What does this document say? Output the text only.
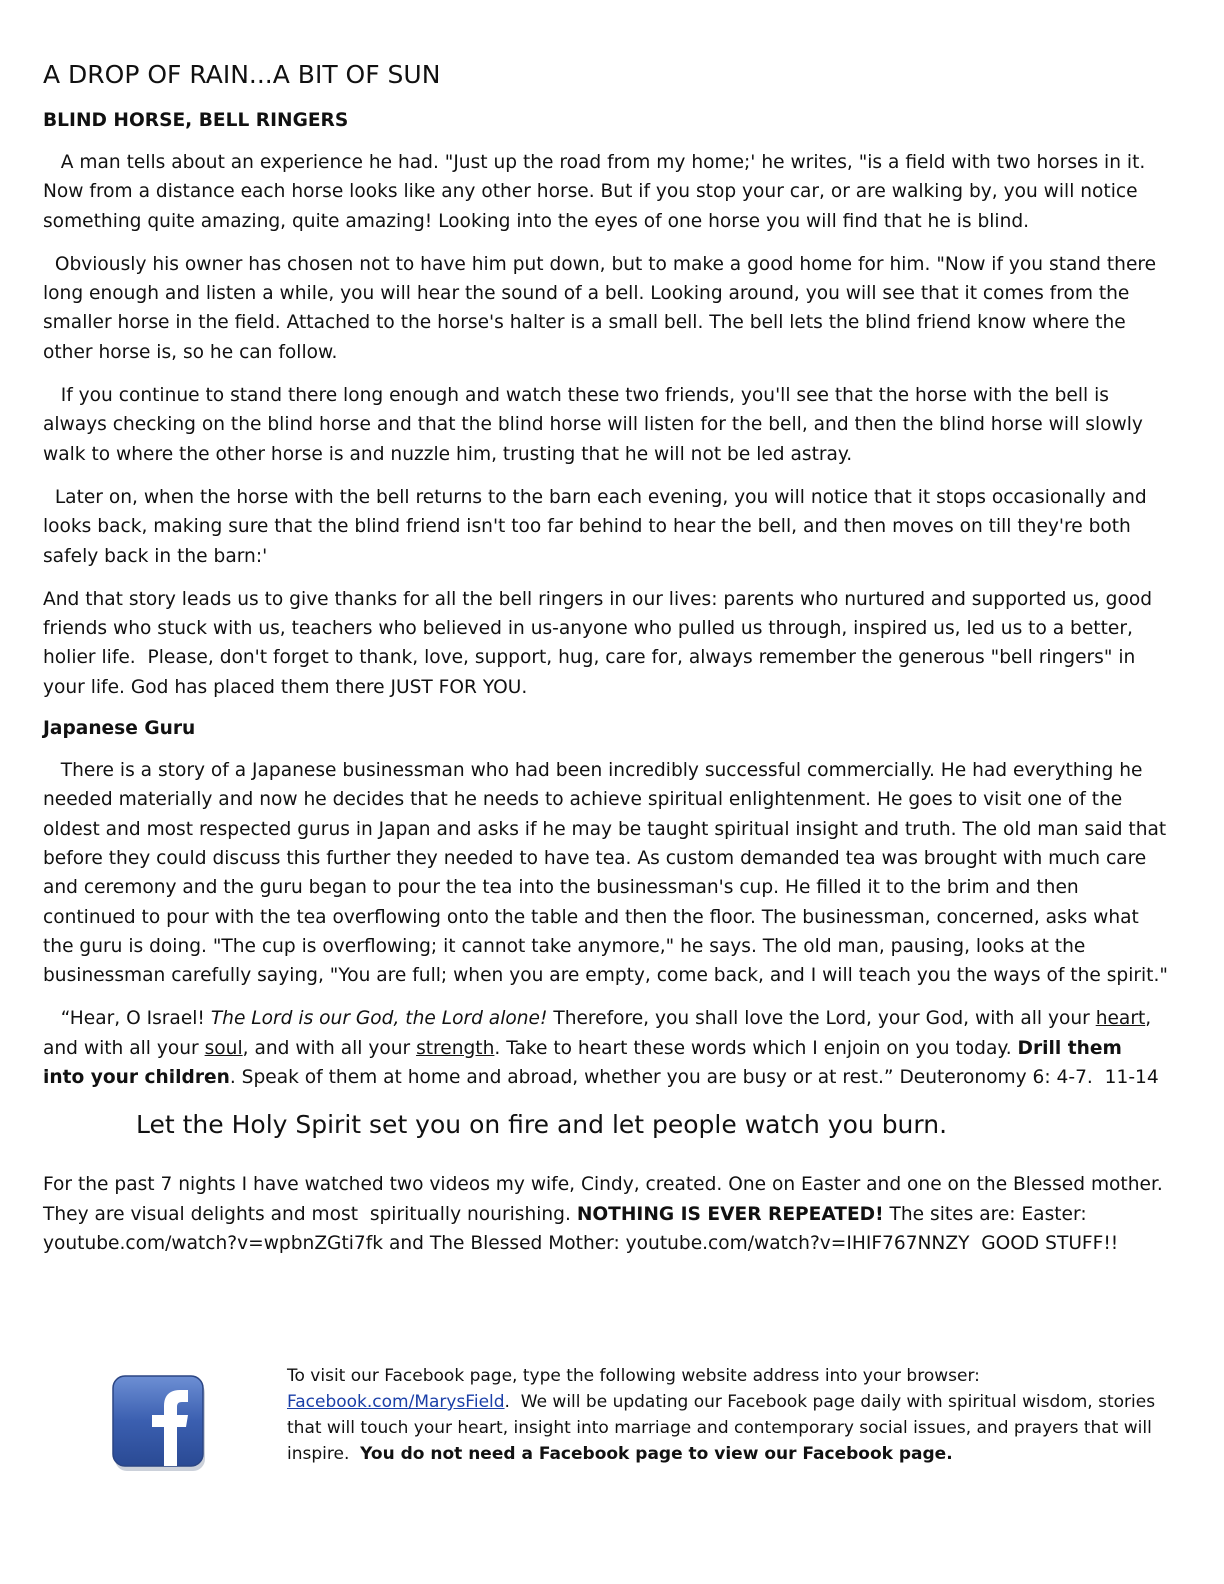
A DROP OF RAIN...A BIT OF SUN
BLIND HORSE, BELL RINGERS

A man tells about an experience he had. "Just up the road from my home;' he writes, "is a field with two horses in it. Now from a distance each horse looks like any other horse. But if you stop your car, or are walking by, you will notice something quite amazing, quite amazing! Looking into the eyes of one horse you will find that he is blind.

Obviously his owner has chosen not to have him put down, but to make a good home for him. "Now if you stand there long enough and listen a while, you will hear the sound of a bell. Looking around, you will see that it comes from the smaller horse in the field. Attached to the horse's halter is a small bell. The bell lets the blind friend know where the other horse is, so he can follow.

If you continue to stand there long enough and watch these two friends, you'll see that the horse with the bell is always checking on the blind horse and that the blind horse will listen for the bell, and then the blind horse will slowly walk to where the other horse is and nuzzle him, trusting that he will not be led astray.

Later on, when the horse with the bell returns to the barn each evening, you will notice that it stops occasionally and looks back, making sure that the blind friend isn't too far behind to hear the bell, and then moves on till they're both safely back in the barn:'

And that story leads us to give thanks for all the bell ringers in our lives: parents who nurtured and supported us, good friends who stuck with us, teachers who believed in us-anyone who pulled us through, inspired us, led us to a better, holier life.  Please, don't forget to thank, love, support, hug, care for, always remember the generous "bell ringers" in your life. God has placed them there JUST FOR YOU.

Japanese Guru

There is a story of a Japanese businessman who had been incredibly successful commercially. He had everything he needed materially and now he decides that he needs to achieve spiritual enlightenment. He goes to visit one of the oldest and most respected gurus in Japan and asks if he may be taught spiritual insight and truth. The old man said that before they could discuss this further they needed to have tea. As custom demanded tea was brought with much care and ceremony and the guru began to pour the tea into the businessman's cup. He filled it to the brim and then continued to pour with the tea overflowing onto the table and then the floor. The businessman, concerned, asks what the guru is doing. "The cup is overflowing; it cannot take anymore," he says. The old man, pausing, looks at the businessman carefully saying, "You are full; when you are empty, come back, and I will teach you the ways of the spirit."

“Hear, O Israel! The Lord is our God, the Lord alone! Therefore, you shall love the Lord, your God, with all your heart, and with all your soul, and with all your strength. Take to heart these words which I enjoin on you today. Drill them into your children. Speak of them at home and abroad, whether you are busy or at rest.” Deuteronomy 6: 4-7.  11-14

Let the Holy Spirit set you on fire and let people watch you burn.

For the past 7 nights I have watched two videos my wife, Cindy, created. One on Easter and one on the Blessed mother. They are visual delights and most  spiritually nourishing. NOTHING IS EVER REPEATED! The sites are: Easter: youtube.com/watch?v=wpbnZGti7fk and The Blessed Mother: youtube.com/watch?v=IHIF767NNZY  GOOD STUFF!!

To visit our Facebook page, type the following website address into your browser: Facebook.com/MarysField.  We will be updating our Facebook page daily with spiritual wisdom, stories that will touch your heart, insight into marriage and contemporary social issues, and prayers that will inspire.  You do not need a Facebook page to view our Facebook page.
